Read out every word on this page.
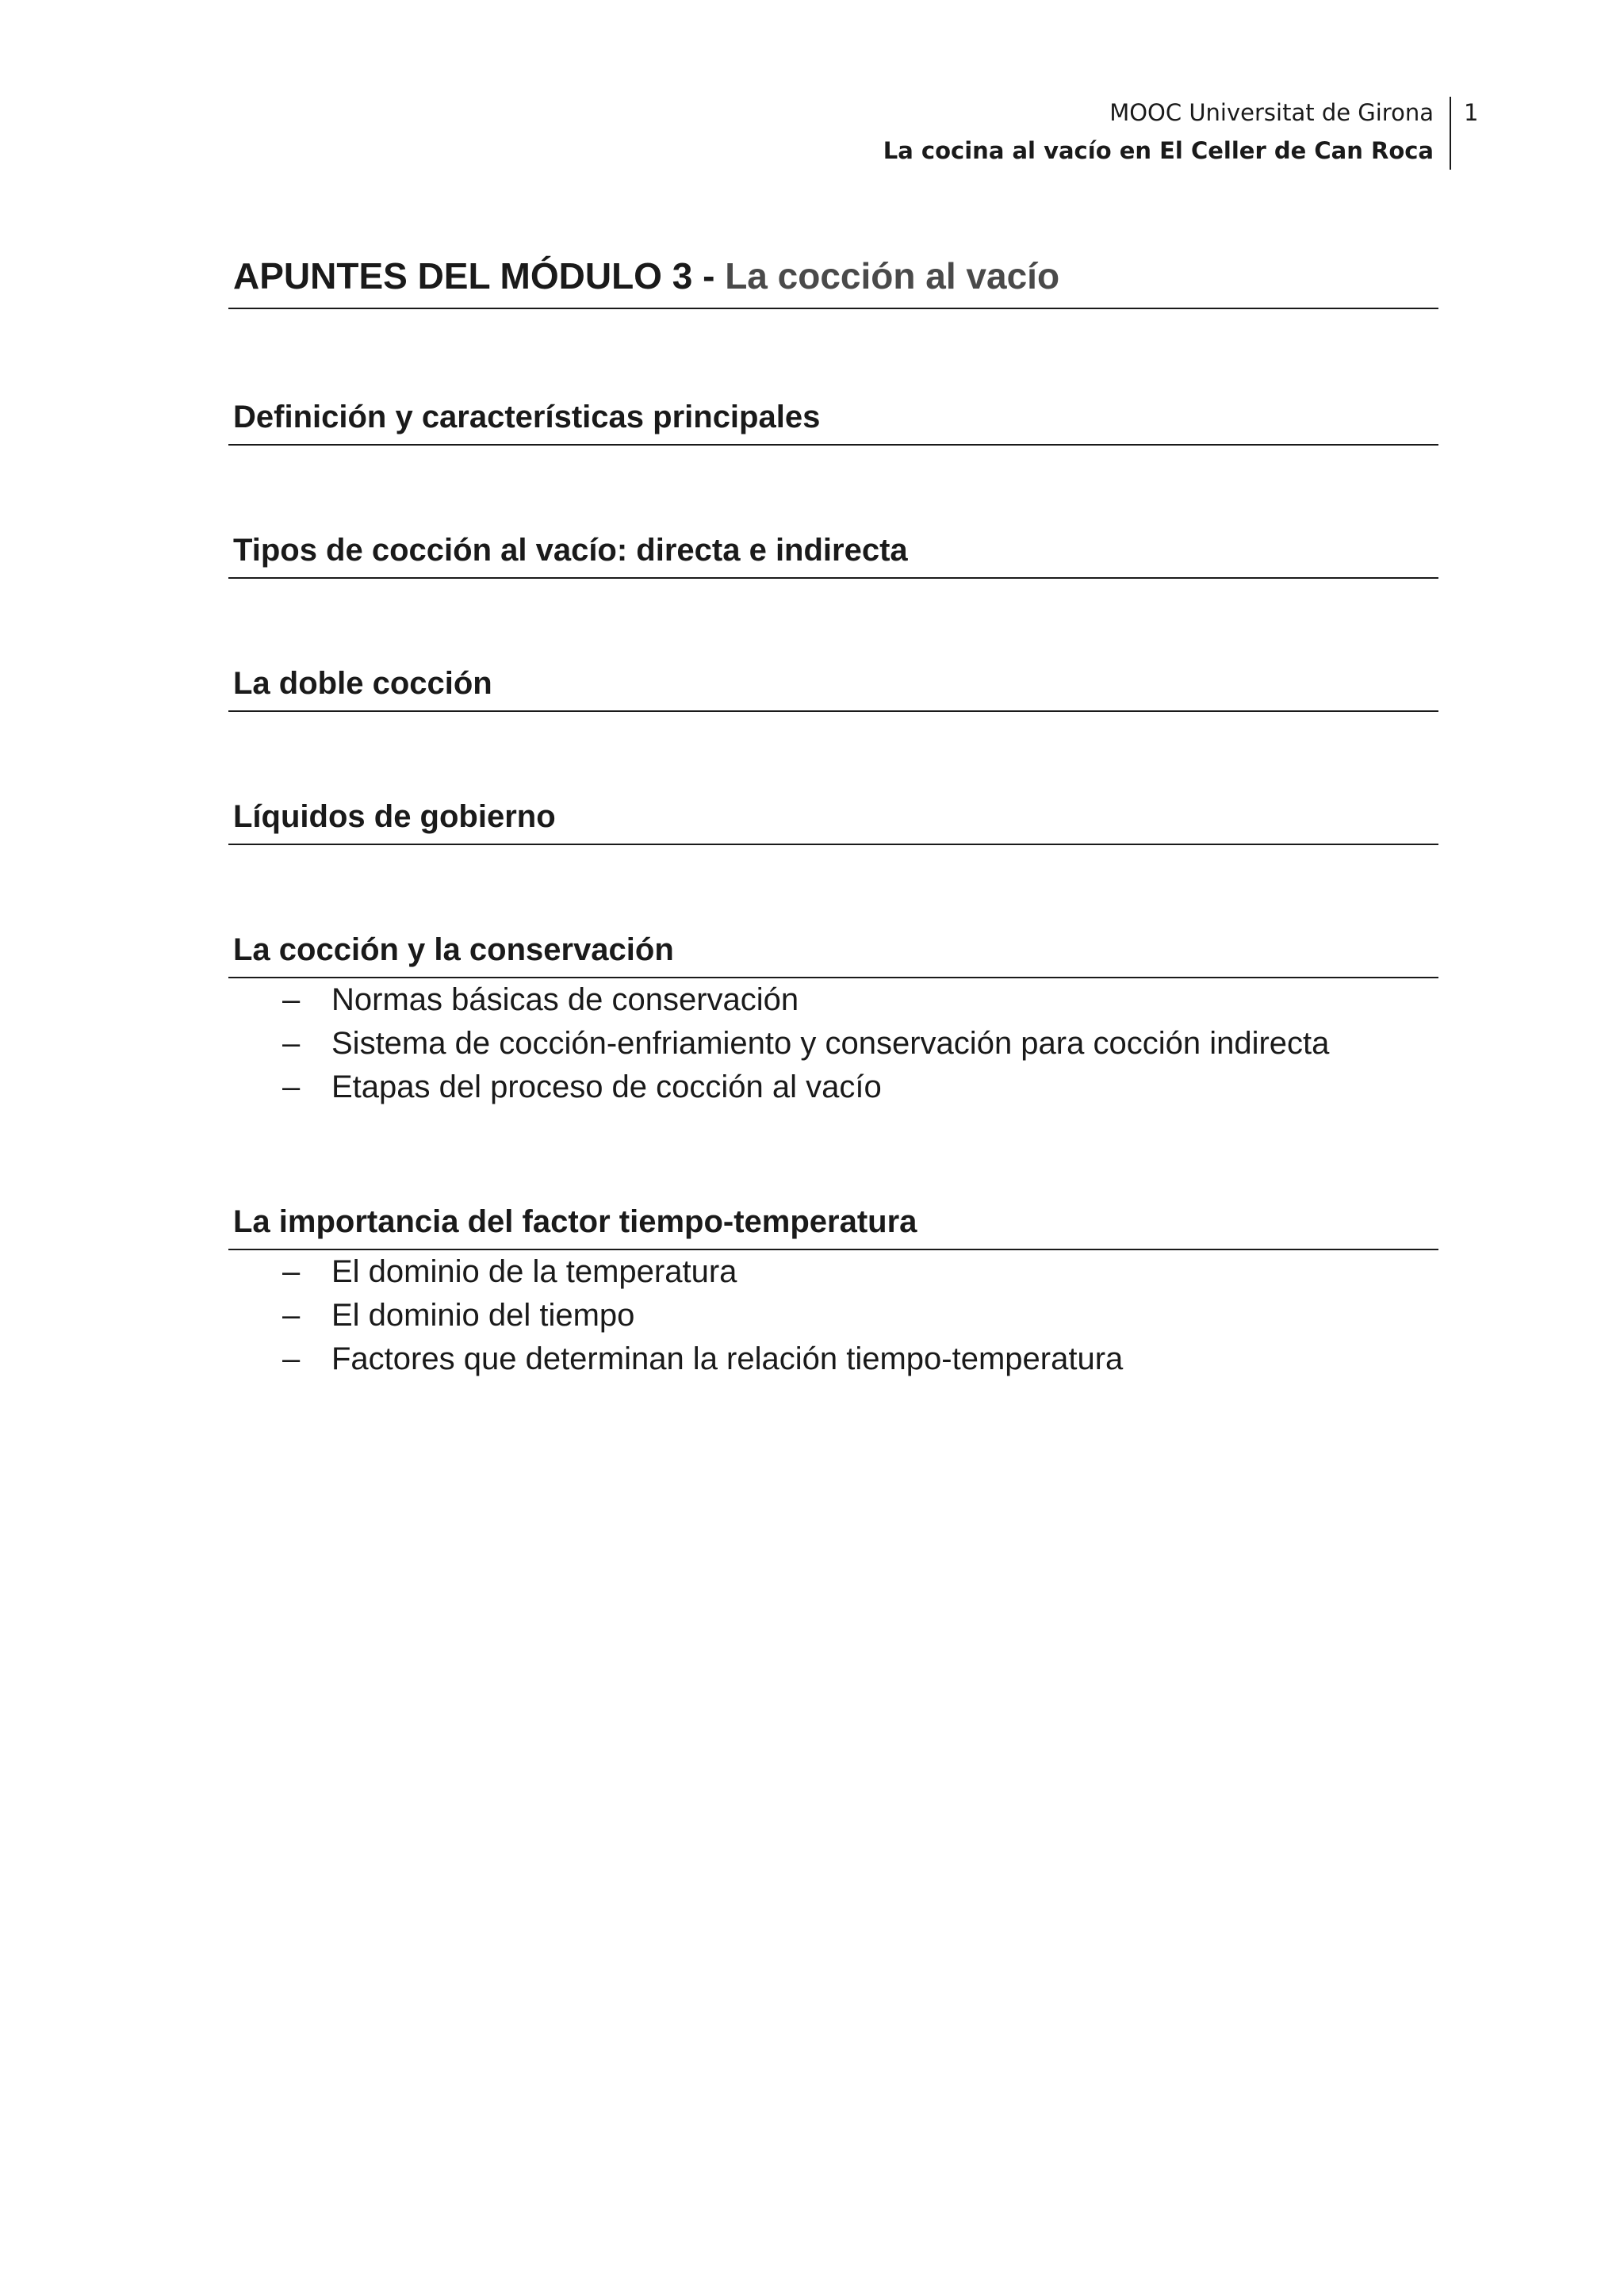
MOOC Universitat de Girona
La cocina al vacío en El Celler de Can Roca
1
APUNTES DEL MÓDULO 3 - La cocción al vacío
Definición y características principales
Tipos de cocción al vacío: directa e indirecta
La doble cocción
Líquidos de gobierno
La cocción y la conservación
– Normas básicas de conservación
– Sistema de cocción-enfriamiento y conservación para cocción indirecta
– Etapas del proceso de cocción al vacío
La importancia del factor tiempo-temperatura
– El dominio de la temperatura
– El dominio del tiempo
– Factores que determinan la relación tiempo-temperatura
